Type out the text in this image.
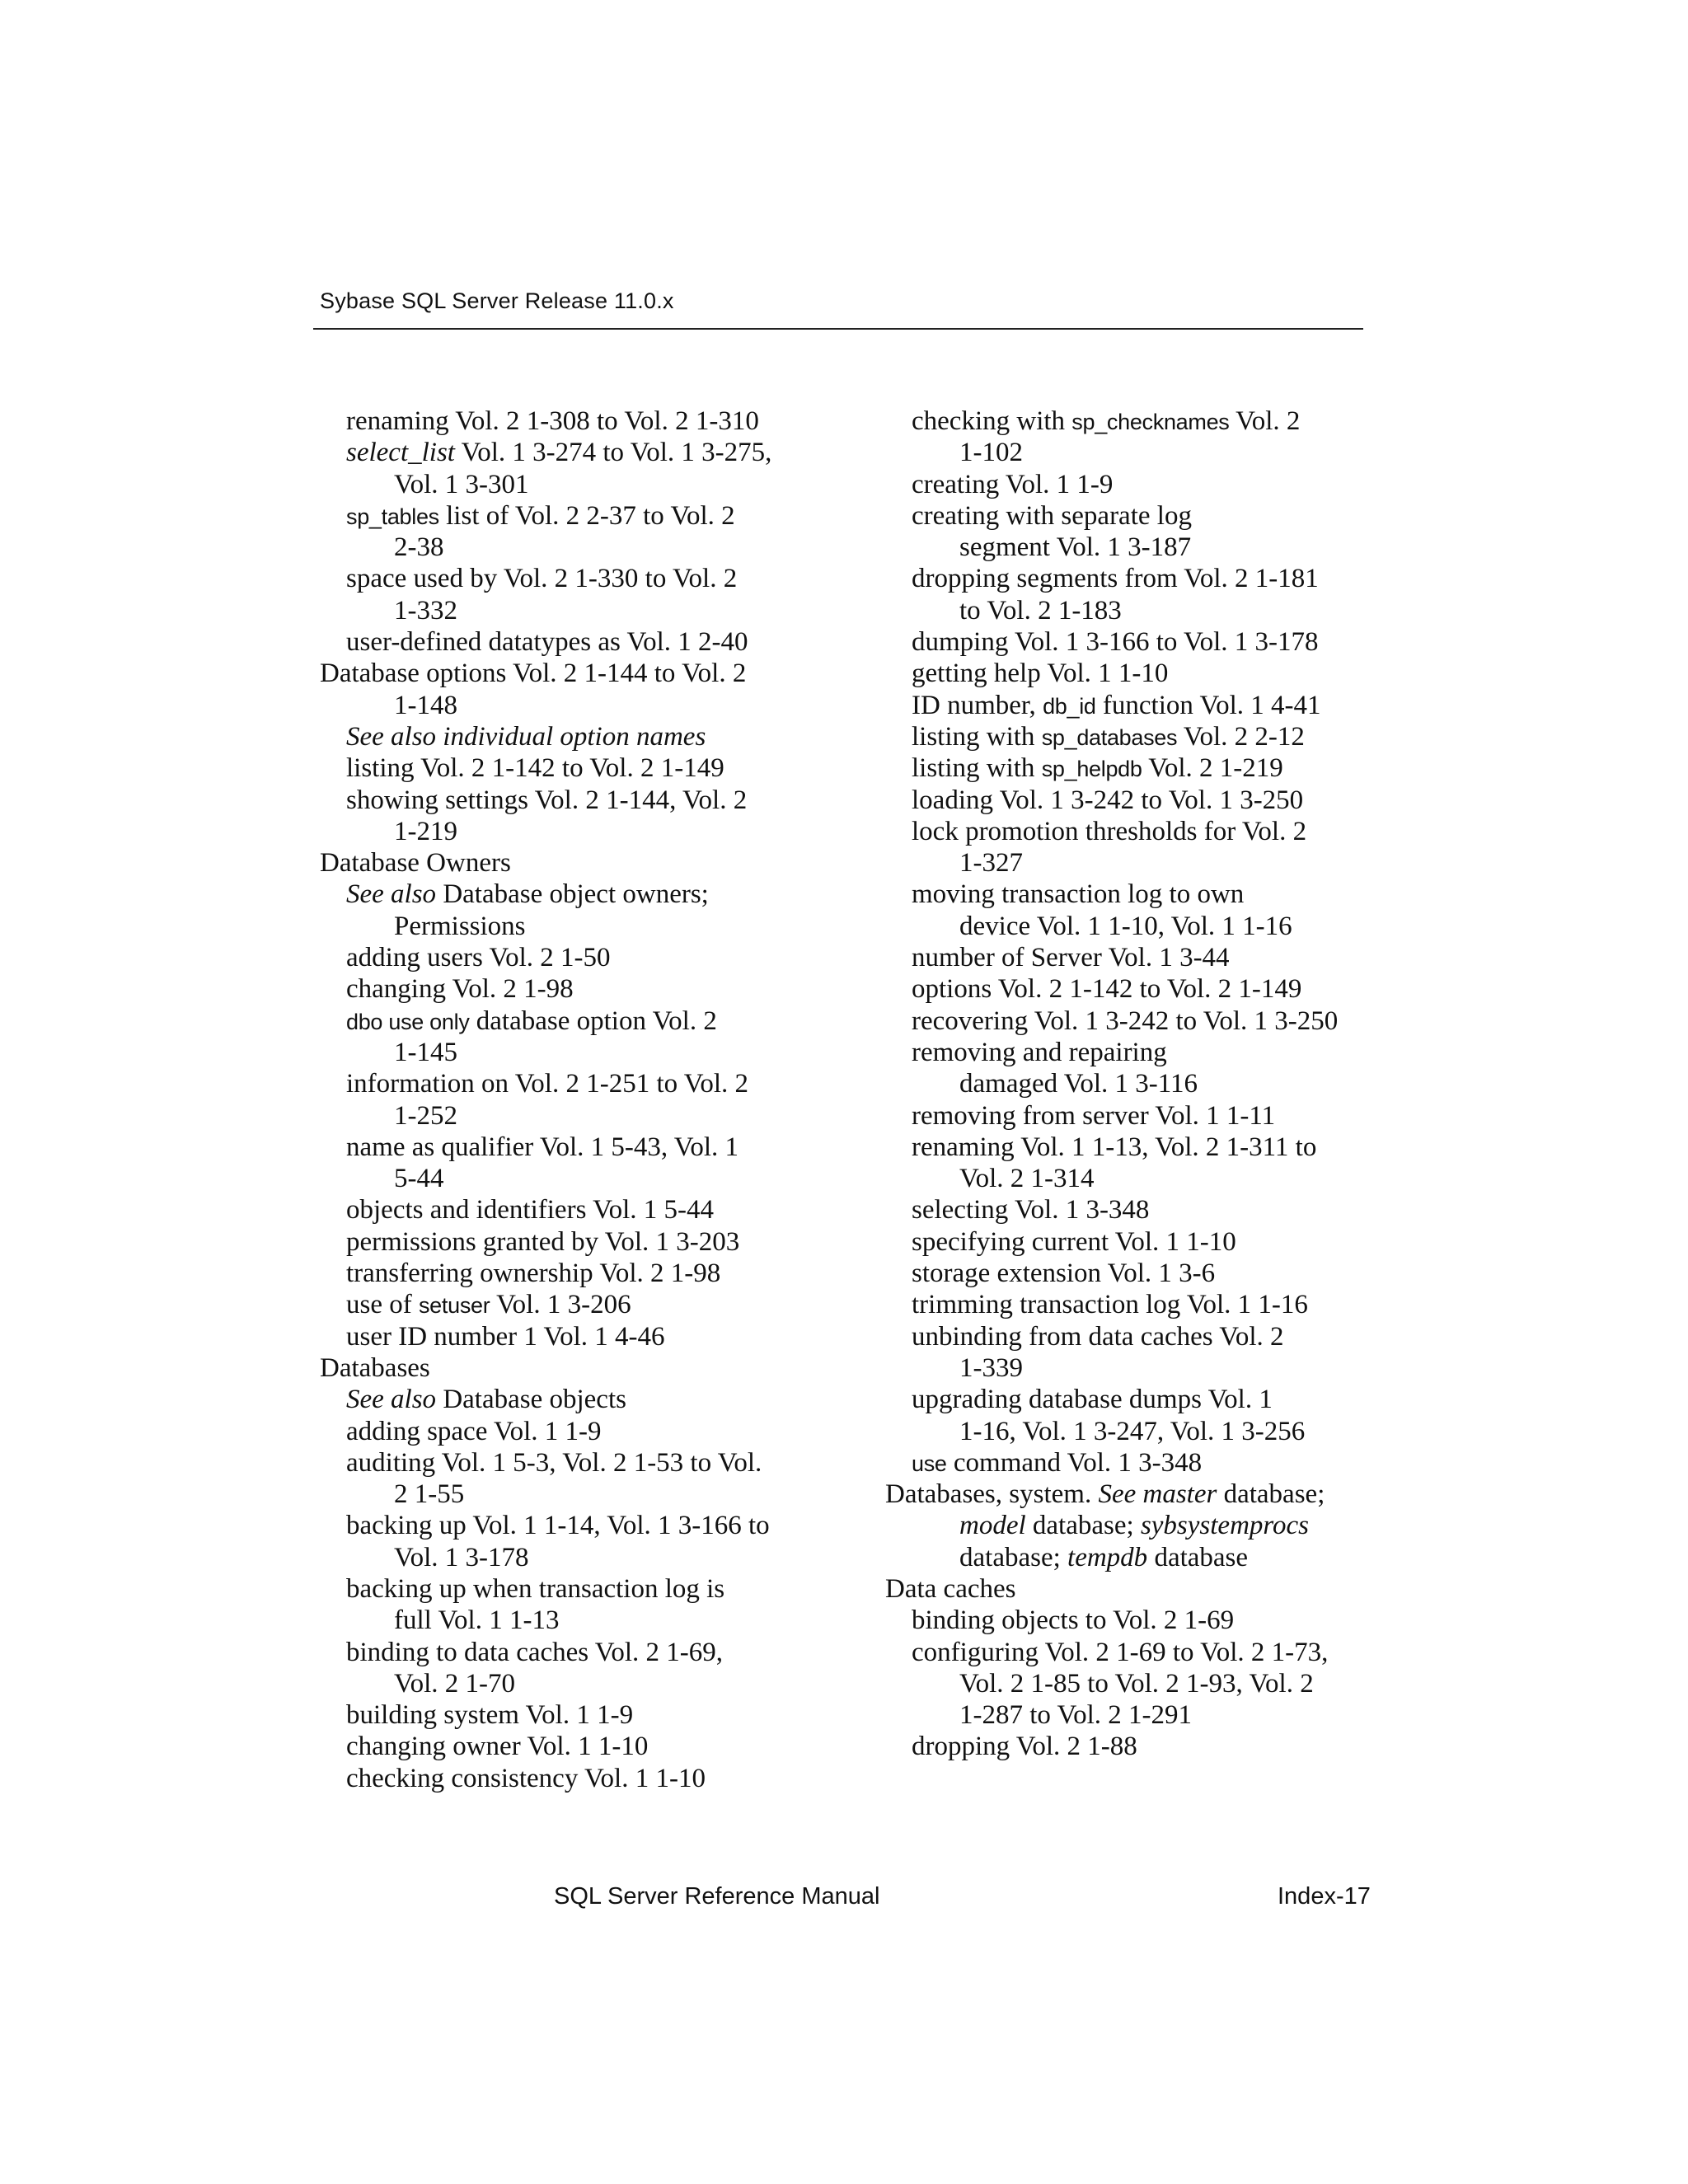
Sybase SQL Server Release 11.0.x
renaming Vol. 2 1-308 to Vol. 2 1-310
select_list Vol. 1 3-274 to Vol. 1 3-275,
Vol. 1 3-301
sp_tables list of Vol. 2 2-37 to Vol. 2
2-38
space used by Vol. 2 1-330 to Vol. 2
1-332
user-defined datatypes as Vol. 1 2-40
Database options Vol. 2 1-144 to Vol. 2
1-148
See also individual option names
listing Vol. 2 1-142 to Vol. 2 1-149
showing settings Vol. 2 1-144, Vol. 2
1-219
Database Owners
See also Database object owners;
Permissions
adding users Vol. 2 1-50
changing Vol. 2 1-98
dbo use only database option Vol. 2
1-145
information on Vol. 2 1-251 to Vol. 2
1-252
name as qualifier Vol. 1 5-43, Vol. 1
5-44
objects and identifiers Vol. 1 5-44
permissions granted by Vol. 1 3-203
transferring ownership Vol. 2 1-98
use of setuser Vol. 1 3-206
user ID number 1 Vol. 1 4-46
Databases
See also Database objects
adding space Vol. 1 1-9
auditing Vol. 1 5-3, Vol. 2 1-53 to Vol.
2 1-55
backing up Vol. 1 1-14, Vol. 1 3-166 to
Vol. 1 3-178
backing up when transaction log is
full Vol. 1 1-13
binding to data caches Vol. 2 1-69,
Vol. 2 1-70
building system Vol. 1 1-9
changing owner Vol. 1 1-10
checking consistency Vol. 1 1-10
checking with sp_checknames Vol. 2
1-102
creating Vol. 1 1-9
creating with separate log
segment Vol. 1 3-187
dropping segments from Vol. 2 1-181
to Vol. 2 1-183
dumping Vol. 1 3-166 to Vol. 1 3-178
getting help Vol. 1 1-10
ID number, db_id function Vol. 1 4-41
listing with sp_databases Vol. 2 2-12
listing with sp_helpdb Vol. 2 1-219
loading Vol. 1 3-242 to Vol. 1 3-250
lock promotion thresholds for Vol. 2
1-327
moving transaction log to own
device Vol. 1 1-10, Vol. 1 1-16
number of Server Vol. 1 3-44
options Vol. 2 1-142 to Vol. 2 1-149
recovering Vol. 1 3-242 to Vol. 1 3-250
removing and repairing
damaged Vol. 1 3-116
removing from server Vol. 1 1-11
renaming Vol. 1 1-13, Vol. 2 1-311 to
Vol. 2 1-314
selecting Vol. 1 3-348
specifying current Vol. 1 1-10
storage extension Vol. 1 3-6
trimming transaction log Vol. 1 1-16
unbinding from data caches Vol. 2
1-339
upgrading database dumps Vol. 1
1-16, Vol. 1 3-247, Vol. 1 3-256
use command Vol. 1 3-348
Databases, system. See master database;
model database; sybsystemprocs
database; tempdb database
Data caches
binding objects to Vol. 2 1-69
configuring Vol. 2 1-69 to Vol. 2 1-73,
Vol. 2 1-85 to Vol. 2 1-93, Vol. 2
1-287 to Vol. 2 1-291
dropping Vol. 2 1-88
SQL Server Reference Manual	Index-17
